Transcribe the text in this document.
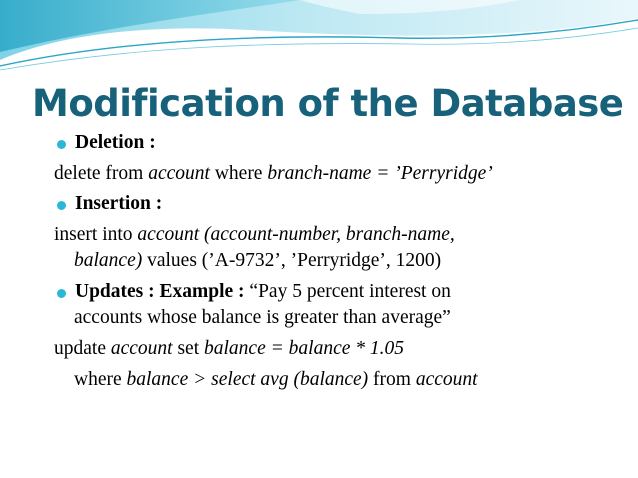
Modification of the Database
Deletion :
delete from account where branch-name = ’Perryridge’
Insertion :
insert into account (account-number, branch-name,
balance) values (’A-9732’, ’Perryridge’, 1200)
Updates : Example : “Pay 5 percent interest on
accounts whose balance is greater than average”
update account set balance = balance * 1.05
where balance > select avg (balance) from account
